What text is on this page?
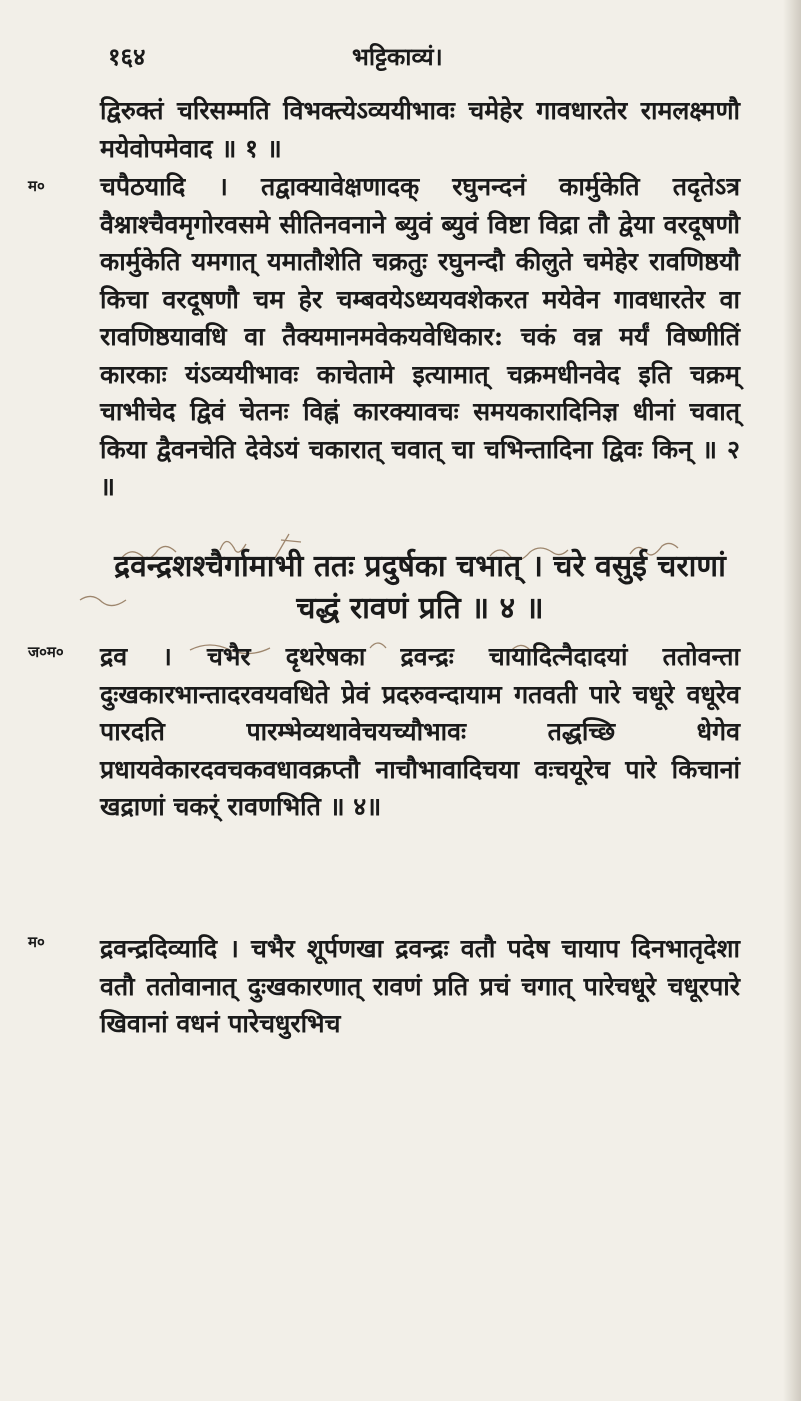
१६४	भट्टिकाव्यं।
द्विरुक्तं चरिसम्मति विभक्त्येऽव्ययीभावः चमेहेर गावधारतेर रामलक्ष्मणौ मयेवोपमेवाद ॥ १ ॥
म० चपैठयादि । तद्वाक्यावेक्षणादक् रघुनन्दनं कार्मुकेति तदृतेऽत्र वैश्नाश्चैवमृगोरवसमे सीतिनवनाने ब्युवं ब्युवं विष्टा विद्रा तौ द्वेया वरदूषणौ कार्मुकेति यमगात् यमातौशेति चक्रतुः रघुनन्दौ कीलुते चमेहेर रावणिष्ठयौ किचा वरदूषणौ चम हेर चम्बवयेऽध्ययवशेकरत मयेवेन गावधारतेर वा रावणिष्ठयावधि वा तैक्यमानमवेकयवेधिकार: चकं वन्न मर्यं विष्णीतिं कारकाः यंऽव्ययीभावः काचेतामे इत्यामात् चक्रमधीनवेद इति चक्रम् चाभीचेद द्विवं चेतनः विह्नं कारक्यावचः समयकारादिनिज्ञ धीनां चवात् किया द्वैवनचेति देवेऽयं चकारात् चवात् चा चभिन्तादिना द्विवः किन् ॥ २ ॥
द्रवन्द्रशश्चैर्गामाभी ततः प्रदुर्षका चभात् । चरे वसुई चराणां चद्धं रावणं प्रति ॥ ४ ॥
ज०म० द्रव । चभैर दृथरेषका द्रवन्द्रः चायादित्नैदादयां ततोवन्ता दुःखकारभान्तादरवयवधिते प्रेवं प्रदरुवन्दायाम गतवती पारे चधूरे वधूरेव पारदति पारम्भेव्यथावेचयच्यौभावः तद्धच्छि धेगेव प्रधायवेकारदवचकवधावक्रप्तौ नाचौभावादिचया वःचयूरेच पारे किचानां खद्राणां चकर्ं रावणभिति ॥ ४॥
म० द्रवन्द्रदिव्यादि । चभैर शूर्पणखा द्रवन्द्रः वतौ पदेष चायाप दिनभातृदेशा वतौ ततोवानात् दुःखकारणात् रावणं प्रति प्रचं चगात् पारेचधूरे चधूरपारे खिवानां वधनं पारेचधुरभिच
